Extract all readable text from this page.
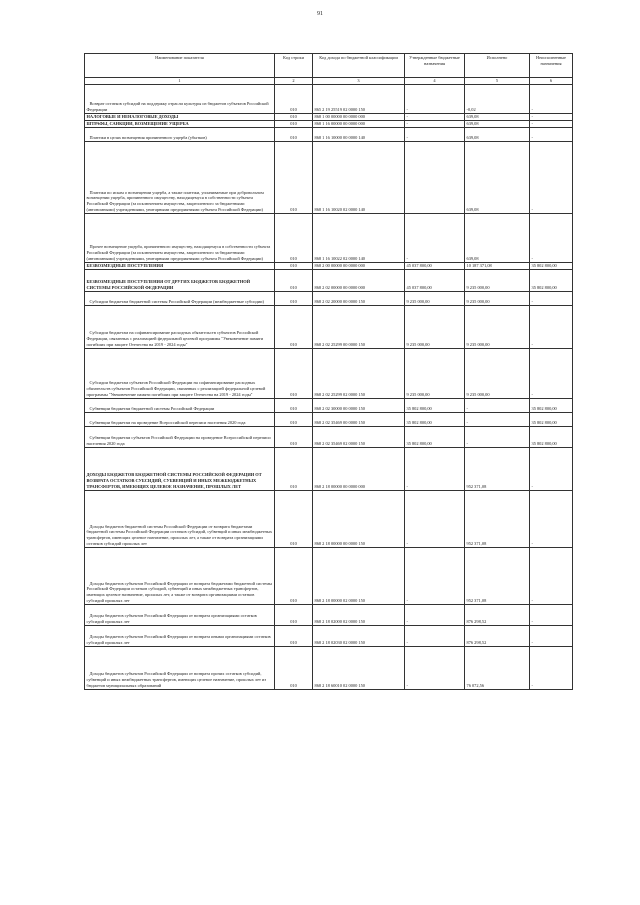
91
Наименование показателя	Код строки	Код дохода по бюджетной классификации	Утвержденные бюджетные назначения	Исполнено	Неисполненные назначения
1	2	3	4	5	6
Возврат остатков субсидий на поддержку отрасли культуры из бюджетов субъектов Российской Федерации	010	865 2 19 25519 02 0000 150	-	-0,02	-
НАЛОГОВЫЕ И НЕНАЛОГОВЫЕ ДОХОДЫ	010	868 1 00 00000 00 0000 000	-	639,08	-
ШТРАФЫ, САНКЦИИ, ВОЗМЕЩЕНИЕ УЩЕРБА	010	868 1 16 00000 00 0000 000	-	639,08	-
Платежи в целях возмещения причиненного ущерба (убытков)	010	868 1 16 10000 00 0000 140	-	639,08	-
Платежи по искам о возмещении ущерба, а также платежи, уплачиваемые при добровольном возмещении ущерба, причиненного имуществу, находящемуся в собственности субъекта Российской Федерации (за исключением имущества, закрепленного за бюджетными (автономными) учреждениями, унитарными предприятиями субъекта Российской Федерации)	010	868 1 16 10020 02 0000 140		639,08	-
Прочее возмещение ущерба, причиненного имуществу, находящемуся в собственности субъекта Российской Федерации (за исключением имущества, закрепленного за бюджетными (автономными) учреждениями, унитарными предприятиями субъекта Российской Федерации)	010	868 1 16 10022 02 0000 140	-	639,08	-
БЕЗВОЗМЕЗДНЫЕ ПОСТУПЛЕНИЯ	010	868 2 00 00000 00 0000 000	45 037 800,00	10 187 371,08	35 802 800,00
БЕЗВОЗМЕЗДНЫЕ ПОСТУПЛЕНИЯ ОТ ДРУГИХ БЮДЖЕТОВ БЮДЖЕТНОЙ СИСТЕМЫ РОССИЙСКОЙ ФЕДЕРАЦИИ	010	868 2 02 00000 00 0000 000	45 037 800,00	9 235 000,00	35 802 800,00
Субсидии бюджетам бюджетной системы Российской Федерации (межбюджетные субсидии)	010	868 2 02 20000 00 0000 150	9 235 000,00	9 235 000,00	-
Субсидии бюджетам на софинансирование расходных обязательств субъектов Российской Федерации, связанных с реализацией федеральной целевой программы "Увековечение памяти погибших при защите Отечества на 2019 - 2024 годы"	010	868 2 02 25299 00 0000 150	9 235 000,00	9 235 000,00	-
Субсидии бюджетам субъектов Российской Федерации на софинансирование расходных обязательств субъектов Российской Федерации, связанных с реализацией федеральной целевой программы "Увековечение памяти погибших при защите Отечества на 2019 - 2024 годы"	010	868 2 02 25299 02 0000 150	9 235 000,00	9 235 000,00	-
Субвенции бюджетам бюджетной системы Российской Федерации	010	868 2 02 30000 00 0000 150	35 802 800,00	-	35 802 800,00
Субвенции бюджетам на проведение Всероссийской переписи населения 2020 года	010	868 2 02 35469 00 0000 150	35 802 800,00	-	35 802 800,00
Субвенции бюджетам субъектов Российской Федерации на проведение Всероссийской переписи населения 2020 года	010	868 2 02 35469 02 0000 150	35 802 800,00	-	35 802 800,00
ДОХОДЫ БЮДЖЕТОВ БЮДЖЕТНОЙ СИСТЕМЫ РОССИЙСКОЙ ФЕДЕРАЦИИ ОТ ВОЗВРАТА ОСТАТКОВ СУБСИДИЙ, СУБВЕНЦИЙ И ИНЫХ МЕЖБЮДЖЕТНЫХ ТРАНСФЕРТОВ, ИМЕЮЩИХ ЦЕЛЕВОЕ НАЗНАЧЕНИЕ, ПРОШЛЫХ ЛЕТ	010	868 2 18 00000 00 0000 000	-	952 371,08	-
Доходы бюджетов бюджетной системы Российской Федерации от возврата бюджетами бюджетной системы Российской Федерации остатков субсидий, субвенций и иных межбюджетных трансфертов, имеющих целевое назначение, прошлых лет, а также от возврата организациями остатков субсидий прошлых лет	010	868 2 18 00000 00 0000 150	-	952 371,08	-
Доходы бюджетов субъектов Российской Федерации от возврата бюджетами бюджетной системы Российской Федерации остатков субсидий, субвенций и иных межбюджетных трансфертов, имеющих целевое назначение, прошлых лет, а также от возврата организациями остатков субсидий прошлых лет	010	868 2 18 00000 02 0000 150	-	952 371,08	-
Доходы бюджетов субъектов Российской Федерации от возврата организациями остатков субсидий прошлых лет	010	868 2 18 02000 02 0000 150	-	876 298,52	-
Доходы бюджетов субъектов Российской Федерации от возврата иными организациями остатков субсидий прошлых лет	010	868 2 18 02030 02 0000 150	-	876 298,52	-
Доходы бюджетов субъектов Российской Федерации от возврата прочих остатков субсидий, субвенций и иных межбюджетных трансфертов, имеющих целевое назначение, прошлых лет из бюджетов муниципальных образований	010	868 2 18 60010 02 0000 150	-	76 072,56	-
